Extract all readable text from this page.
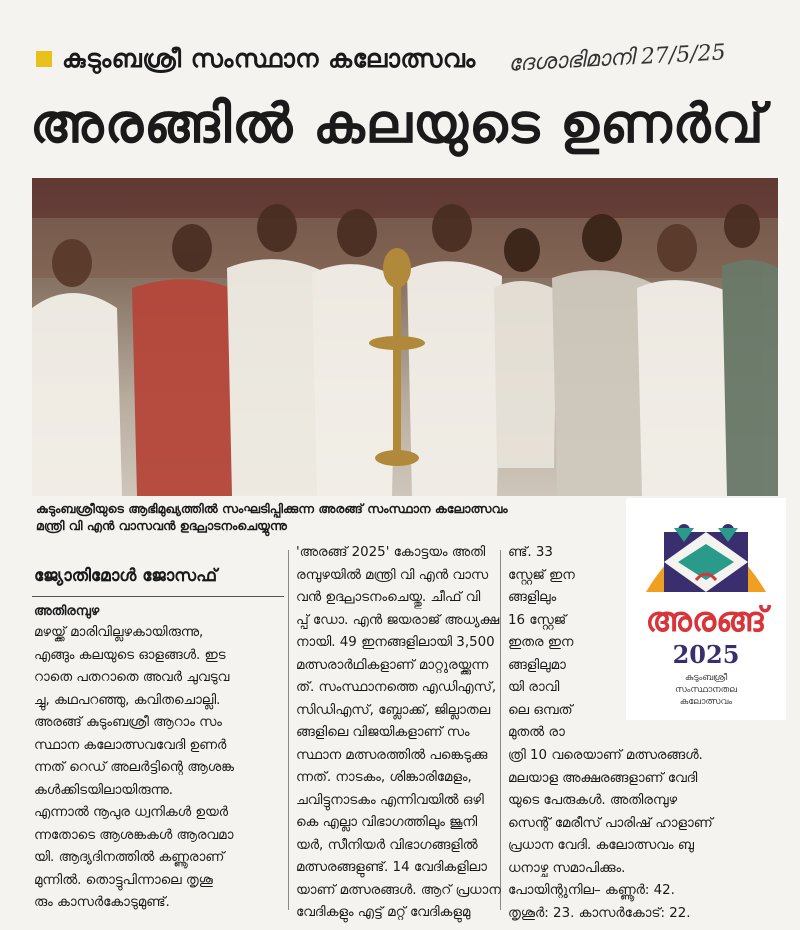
കുടുംബശ്രീ സംസ്ഥാന കലോത്സവം ദേശാഭിമാനി 27/5/25
അരങ്ങിൽ കലയുടെ ഉണർവ്
കുടുംബശ്രീയുടെ ആഭിമുഖ്യത്തിൽ സംഘടിപ്പിക്കുന്ന അരങ്ങ് സംസ്ഥാന കലോത്സവം
മന്ത്രി വി എൻ വാസവൻ ഉദ്ഘാടനംചെയ്യുന്നു
അരങ്ങ്
2025
കുടുംബശ്രീ
സംസ്ഥാനതല
കലോത്സവം
ജ്യോതിമോൾ ജോസഫ്
അതിരമ്പുഴ
മഴയ്ക്ക് മാരിവില്ലഴകായിരുന്നു,
എങ്ങും കലയുടെ ഓളങ്ങൾ. ഇട
റാതെ പതറാതെ അവർ ചുവടുവ
ച്ചു, കഥപറഞ്ഞു, കവിതചൊല്ലി.
അരങ്ങ് കുടുംബശ്രീ ആറാം സം
സ്ഥാന കലോത്സവവേദി ഉണർ
ന്നത് റെഡ് അലർട്ടിന്റെ ആശങ്ക
കൾക്കിടയിലായിരുന്നു.
എന്നാൽ നൂപുര ധ്വനികൾ ഉയർ
ന്നതോടെ ആശങ്കകൾ ആരവമാ
യി. ആദ്യദിനത്തിൽ കണ്ണൂരാണ്
മുന്നിൽ. തൊട്ടുപിന്നാലെ തൃശൂ
രും കാസർകോടുമുണ്ട്.
'അരങ്ങ് 2025' കോട്ടയം അതി
രമ്പുഴയിൽ മന്ത്രി വി എൻ വാസ
വൻ ഉദ്ഘാടനംചെയ്തു. ചീഫ് വി
പ്പ് ഡോ. എൻ ജയരാജ് അധ്യക്ഷ
നായി. 49 ഇനങ്ങളിലായി 3,500
മത്സരാർഥികളാണ് മാറ്റുരയ്ക്കുന്ന
ത്. സംസ്ഥാനത്തെ എഡിഎസ്,
സിഡിഎസ്, ബ്ലോക്ക്, ജില്ലാതല
ങ്ങളിലെ വിജയികളാണ് സം
സ്ഥാന മത്സരത്തിൽ പങ്കെടുക്കു
ന്നത്. നാടകം, ശിങ്കാരിമേളം,
ചവിട്ടുനാടകം എന്നിവയിൽ ഒഴി
കെ എല്ലാ വിഭാഗത്തിലും ജൂനി
യർ, സീനിയർ വിഭാഗങ്ങളിൽ
മത്സരങ്ങളുണ്ട്. 14 വേദികളിലാ
യാണ് മത്സരങ്ങൾ. ആറ് പ്രധാന
വേദികളും എട്ട് മറ്റ് വേദികളുമു
ണ്ട്. 33
സ്റ്റേജ് ഇന
ങ്ങളിലും
16 സ്റ്റേജ്
ഇതര ഇന
ങ്ങളിലുമാ
യി രാവി
ലെ ഒമ്പത്
മുതൽ രാ
ത്രി 10 വരെയാണ് മത്സരങ്ങൾ.
മലയാള അക്ഷരങ്ങളാണ് വേദി
യുടെ പേരുകൾ. അതിരമ്പുഴ
സെന്റ് മേരീസ് പാരിഷ് ഹാളാണ്
പ്രധാന വേദി. കലോത്സവം ബു
ധനാഴ്ച സമാപിക്കും.
പോയിന്റുനില– കണ്ണൂർ: 42.
തൃശൂർ: 23. കാസർകോട്: 22.
